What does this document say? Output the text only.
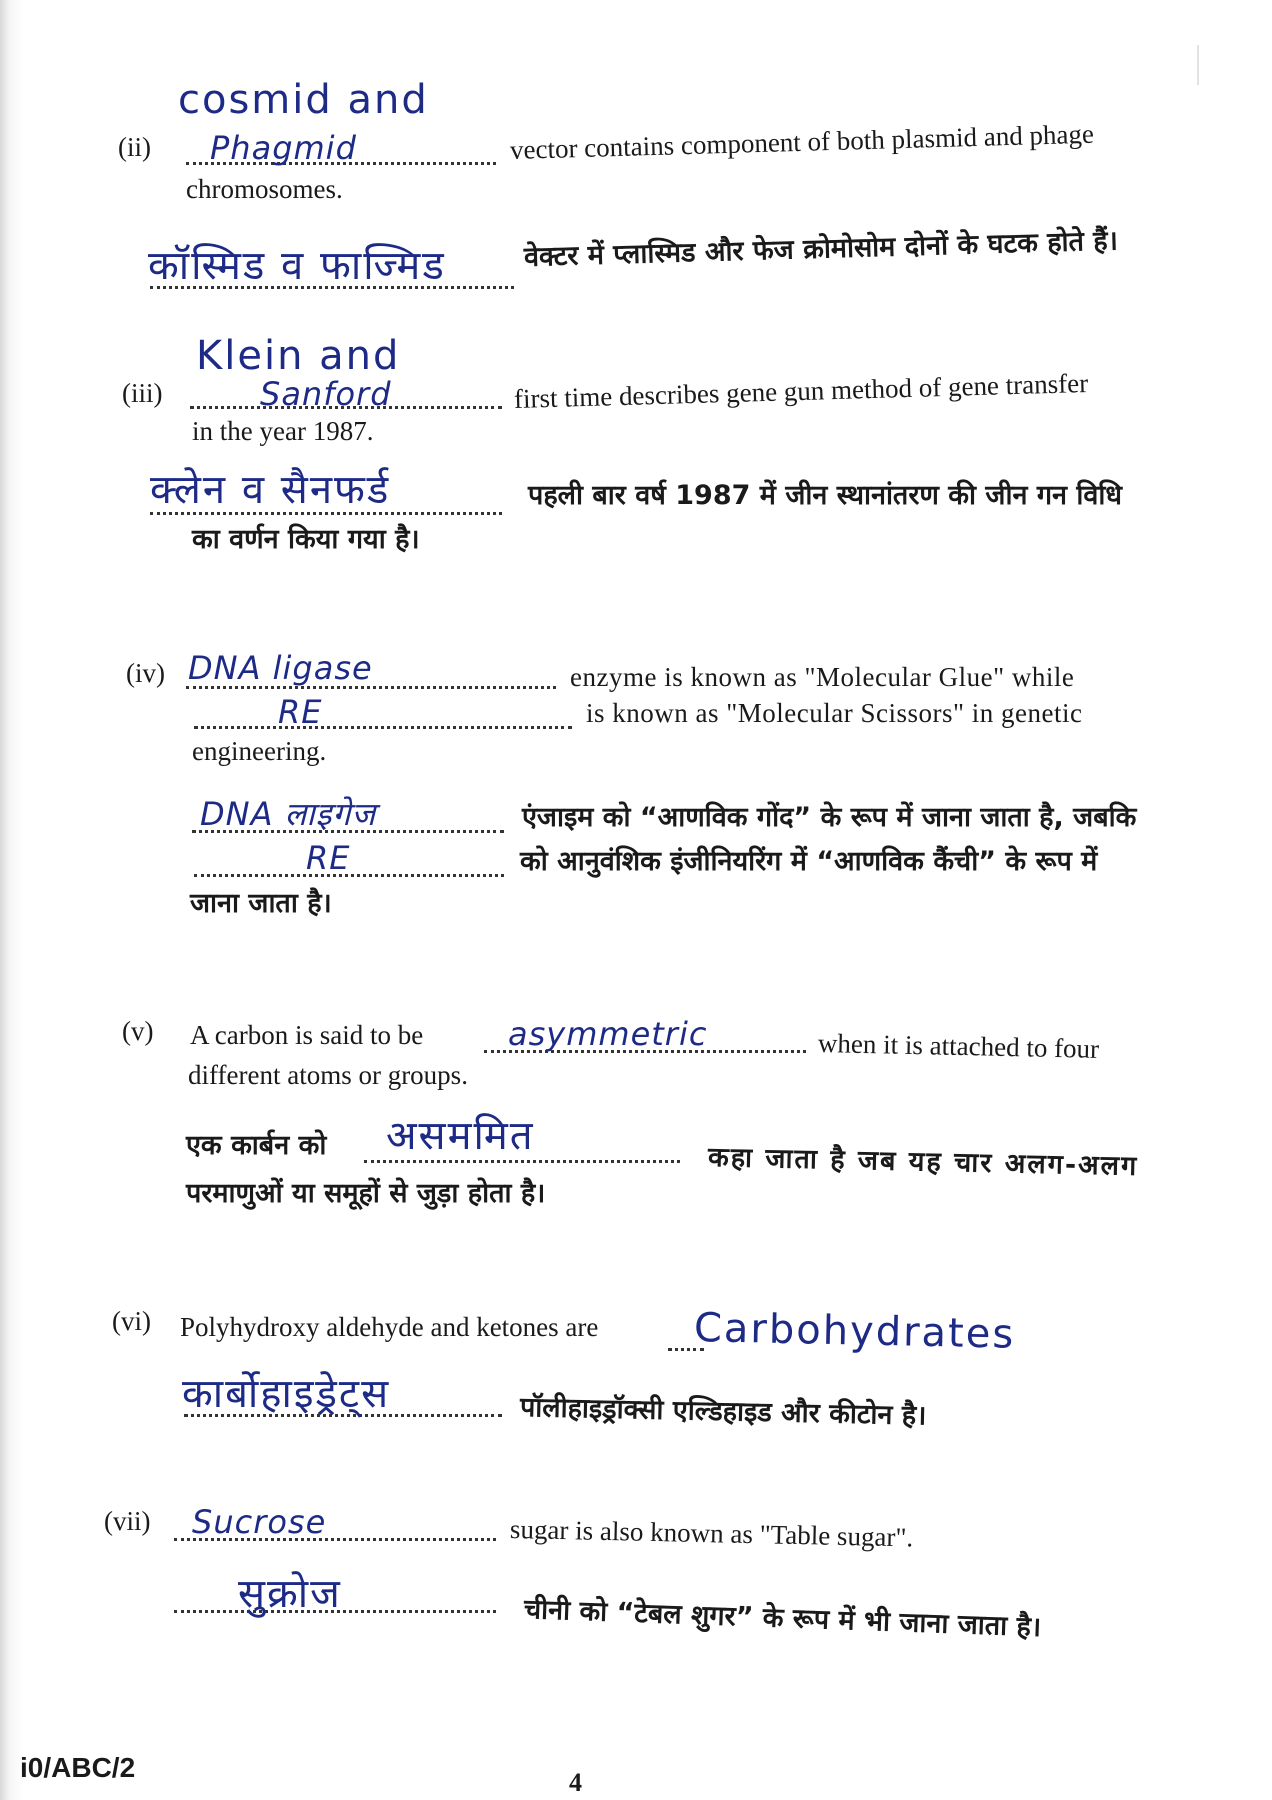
cosmid and
(ii) Phagmid	vector contains component of both plasmid and phage
chromosomes.
कॉस्मिड व फाज्मिड	वेक्टर में प्लास्मिड और फेज क्रोमोसोम दोनों के घटक होते हैं।
Klein and
(iii)	Sanford	first time describes gene gun method of gene transfer
in the year 1987.
क्लेन व सैनफर्ड	पहली बार वर्ष 1987 में जीन स्थानांतरण की जीन गन विधि
का वर्णन किया गया है।
(iv) DNA ligase	enzyme is known as "Molecular Glue" while
RE	is known as "Molecular Scissors" in genetic
engineering.
DNA लाइगेज	एंजाइम को “आणविक गोंद” के रूप में जाना जाता है, जबकि
RE	को आनुवंशिक इंजीनियरिंग में “आणविक कैंची” के रूप में
जाना जाता है।
(v) A carbon is said to be	asymmetric	when it is attached to four
different atoms or groups.
एक कार्बन को असममित
कहा जाता है जब यह चार अलग-अलग
परमाणुओं या समूहों से जुड़ा होता है।
(vi) Polyhydroxy aldehyde and ketones are Carbohydrates
कार्बोहाइड्रेट्स	पॉलीहाइड्रॉक्सी एल्डिहाइड और कीटोन है।
(vii) Sucrose	sugar is also known as "Table sugar".
सुक्रोज
चीनी को “टेबल शुगर” के रूप में भी जाना जाता है।
i0/ABC/2	4
